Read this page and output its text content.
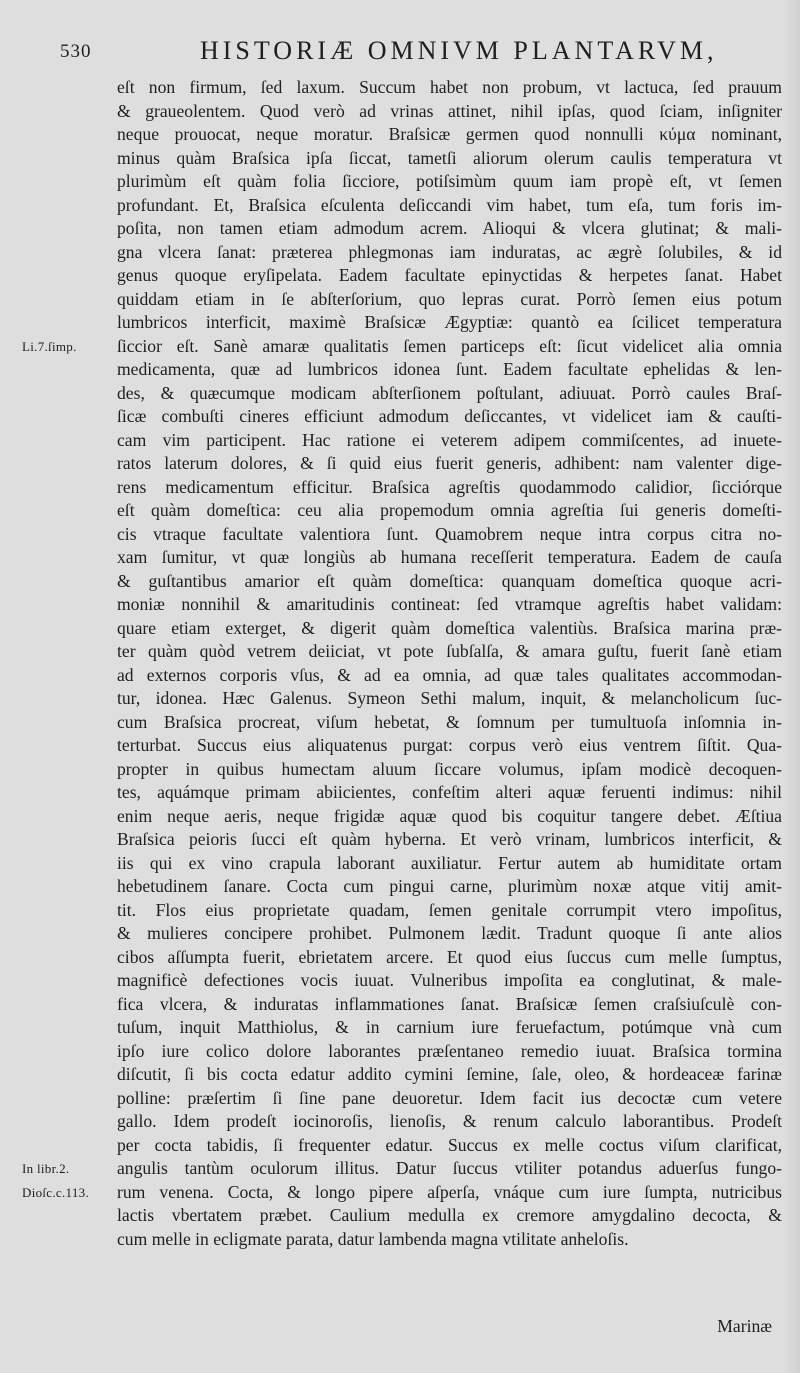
530	HISTORIÆ OMNIVM PLANTARVM,
Li.7.ſimp.
In libr.2.
Dioſc.c.113.
eſt non firmum, ſed laxum. Succum habet non probum, vt lactuca, ſed prauum
& graueolentem. Quod verò ad vrinas attinet, nihil ipſas, quod ſciam, inſigniter
neque prouocat, neque moratur. Braſsicæ germen quod nonnulli κύμα nominant,
minus quàm Braſsica ipſa ſiccat, tametſi aliorum olerum caulis temperatura vt
plurimùm eſt quàm folia ſicciore, potiſsimùm quum iam propè eſt, vt ſemen
profundant. Et, Braſsica eſculenta deſiccandi vim habet, tum eſa, tum foris im-
poſita, non tamen etiam admodum acrem. Alioqui & vlcera glutinat; & mali-
gna vlcera ſanat: præterea phlegmonas iam induratas, ac ægrè ſolubiles, & id
genus quoque eryſipelata. Eadem facultate epinyctidas & herpetes ſanat. Habet
quiddam etiam in ſe abſterſorium, quo lepras curat. Porrò ſemen eius potum
lumbricos interficit, maximè Braſsicæ Ægyptiæ: quantò ea ſcilicet temperatura
ſiccior eſt. Sanè amaræ qualitatis ſemen particeps eſt: ſicut videlicet alia omnia
medicamenta, quæ ad lumbricos idonea ſunt. Eadem facultate ephelidas & len-
des, & quæcumque modicam abſterſionem poſtulant, adiuuat. Porrò caules Braſ-
ſicæ combuſti cineres efficiunt admodum deſiccantes, vt videlicet iam & cauſti-
cam vim participent. Hac ratione ei veterem adipem commiſcentes, ad inuete-
ratos laterum dolores, & ſi quid eius fuerit generis, adhibent: nam valenter dige-
rens medicamentum efficitur. Braſsica agreſtis quodammodo calidior, ſicciórque
eſt quàm domeſtica: ceu alia propemodum omnia agreſtia ſui generis domeſti-
cis vtraque facultate valentiora ſunt. Quamobrem neque intra corpus citra no-
xam ſumitur, vt quæ longiùs ab humana receſſerit temperatura. Eadem de cauſa
& guſtantibus amarior eſt quàm domeſtica: quanquam domeſtica quoque acri-
moniæ nonnihil & amaritudinis contineat: ſed vtramque agreſtis habet validam:
quare etiam exterget, & digerit quàm domeſtica valentiùs. Braſsica marina præ-
ter quàm quòd vetrem deiiciat, vt pote ſubſalſa, & amara guſtu, fuerit ſanè etiam
ad externos corporis vſus, & ad ea omnia, ad quæ tales qualitates accommodan-
tur, idonea. Hæc Galenus. Symeon Sethi malum, inquit, & melancholicum ſuc-
cum Braſsica procreat, viſum hebetat, & ſomnum per tumultuoſa inſomnia in-
terturbat. Succus eius aliquatenus purgat: corpus verò eius ventrem ſiſtit. Qua-
propter in quibus humectam aluum ſiccare volumus, ipſam modicè decoquen-
tes, aquámque primam abiicientes, confeſtim alteri aquæ feruenti indimus: nihil
enim neque aeris, neque frigidæ aquæ quod bis coquitur tangere debet. Æſtiua
Braſsica peioris ſucci eſt quàm hyberna. Et verò vrinam, lumbricos interficit, &
iis qui ex vino crapula laborant auxiliatur. Fertur autem ab humiditate ortam
hebetudinem ſanare. Cocta cum pingui carne, plurimùm noxæ atque vitij amit-
tit. Flos eius proprietate quadam, ſemen genitale corrumpit vtero impoſitus,
& mulieres concipere prohibet. Pulmonem lædit. Tradunt quoque ſi ante alios
cibos aſſumpta fuerit, ebrietatem arcere. Et quod eius ſuccus cum melle ſumptus,
magnificè defectiones vocis iuuat. Vulneribus impoſita ea conglutinat, & male-
fica vlcera, & induratas inflammationes ſanat. Braſsicæ ſemen craſsiuſculè con-
tuſum, inquit Matthiolus, & in carnium iure feruefactum, potúmque vnà cum
ipſo iure colico dolore laborantes præſentaneo remedio iuuat. Braſsica tormina
diſcutit, ſi bis cocta edatur addito cymini ſemine, ſale, oleo, & hordeaceæ farinæ
polline: præſertim ſi ſine pane deuoretur. Idem facit ius decoctæ cum vetere
gallo. Idem prodeſt iocinoroſis, lienoſis, & renum calculo laborantibus. Prodeſt
per cocta tabidis, ſi frequenter edatur. Succus ex melle coctus viſum clarificat,
angulis tantùm oculorum illitus. Datur ſuccus vtiliter potandus aduerſus fungo-
rum venena. Cocta, & longo pipere aſperſa, vnáque cum iure ſumpta, nutricibus
lactis vbertatem præbet. Caulium medulla ex cremore amygdalino decocta, &
cum melle in ecligmate parata, datur lambenda magna vtilitate anheloſis.
Marinæ
